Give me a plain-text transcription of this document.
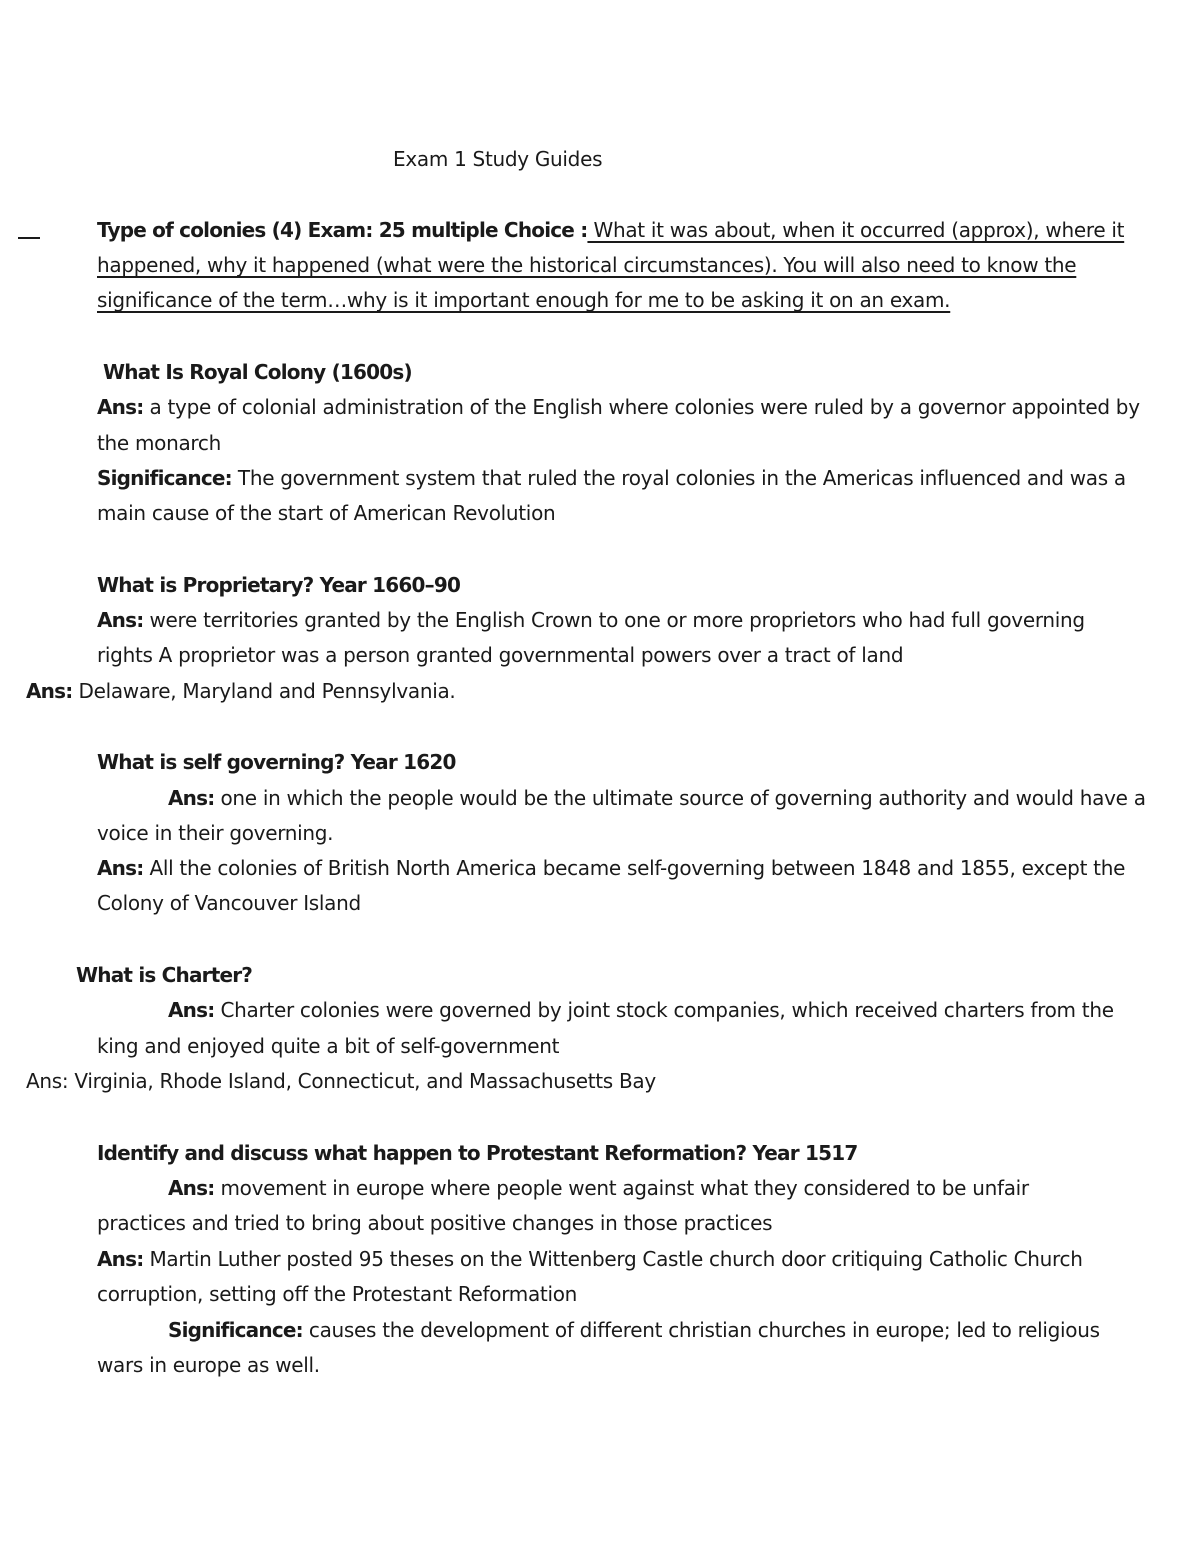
Exam 1 Study Guides
Type of colonies (4) Exam: 25 multiple Choice : What it was about, when it occurred (approx), where it
happened, why it happened (what were the historical circumstances). You will also need to know the
significance of the term…why is it important enough for me to be asking it on an exam.
What Is Royal Colony (1600s)
Ans: a type of colonial administration of the English where colonies were ruled by a governor appointed by
the monarch
Significance: The government system that ruled the royal colonies in the Americas influenced and was a
main cause of the start of American Revolution
What is Proprietary? Year 1660–90
Ans: were territories granted by the English Crown to one or more proprietors who had full governing
rights A proprietor was a person granted governmental powers over a tract of land
Ans: Delaware, Maryland and Pennsylvania.
What is self governing? Year 1620
Ans: one in which the people would be the ultimate source of governing authority and would have a
voice in their governing.
Ans: All the colonies of British North America became self-governing between 1848 and 1855, except the
Colony of Vancouver Island
What is Charter?
Ans: Charter colonies were governed by joint stock companies, which received charters from the
king and enjoyed quite a bit of self-government
Ans: Virginia, Rhode Island, Connecticut, and Massachusetts Bay
Identify and discuss what happen to Protestant Reformation? Year 1517
Ans: movement in europe where people went against what they considered to be unfair
practices and tried to bring about positive changes in those practices
Ans: Martin Luther posted 95 theses on the Wittenberg Castle church door critiquing Catholic Church
corruption, setting off the Protestant Reformation
Significance: causes the development of different christian churches in europe; led to religious
wars in europe as well.
